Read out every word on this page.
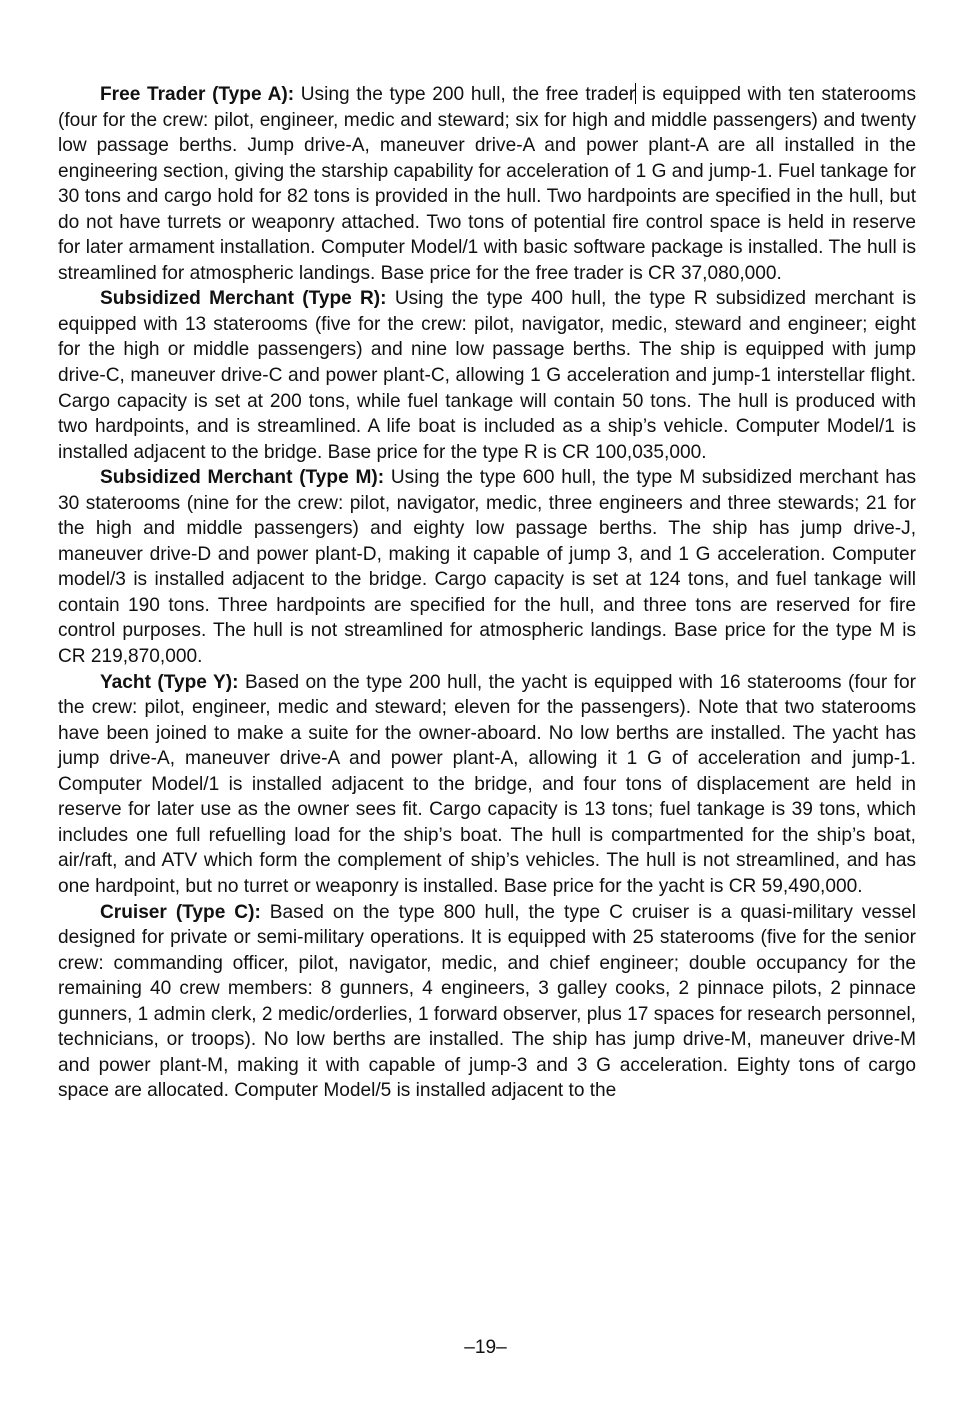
Free Trader (Type A): Using the type 200 hull, the free trader is equipped with ten staterooms (four for the crew: pilot, engineer, medic and steward; six for high and middle passengers) and twenty low passage berths. Jump drive-A, maneuver drive-A and power plant-A are all installed in the engineering section, giving the starship capability for acceleration of 1 G and jump-1. Fuel tankage for 30 tons and cargo hold for 82 tons is provided in the hull. Two hardpoints are specified in the hull, but do not have turrets or weaponry attached. Two tons of potential fire control space is held in reserve for later armament installation. Computer Model/1 with basic software package is installed. The hull is streamlined for atmospheric landings. Base price for the free trader is CR 37,080,000.

Subsidized Merchant (Type R): Using the type 400 hull, the type R subsidized merchant is equipped with 13 staterooms (five for the crew: pilot, navigator, medic, steward and engineer; eight for the high or middle passengers) and nine low passage berths. The ship is equipped with jump drive-C, maneuver drive-C and power plant-C, allowing 1 G acceleration and jump-1 interstellar flight. Cargo capacity is set at 200 tons, while fuel tankage will contain 50 tons. The hull is produced with two hardpoints, and is streamlined. A life boat is included as a ship’s vehicle. Computer Model/1 is installed adjacent to the bridge. Base price for the type R is CR 100,035,000.

Subsidized Merchant (Type M): Using the type 600 hull, the type M subsidized merchant has 30 staterooms (nine for the crew: pilot, navigator, medic, three engineers and three stewards; 21 for the high and middle passengers) and eighty low passage berths. The ship has jump drive-J, maneuver drive-D and power plant-D, making it capable of jump 3, and 1 G acceleration. Computer model/3 is installed adjacent to the bridge. Cargo capacity is set at 124 tons, and fuel tankage will contain 190 tons. Three hardpoints are specified for the hull, and three tons are reserved for fire control purposes. The hull is not streamlined for atmospheric landings. Base price for the type M is CR 219,870,000.

Yacht (Type Y): Based on the type 200 hull, the yacht is equipped with 16 staterooms (four for the crew: pilot, engineer, medic and steward; eleven for the passengers). Note that two staterooms have been joined to make a suite for the owner-aboard. No low berths are installed. The yacht has jump drive-A, maneuver drive-A and power plant-A, allowing it 1 G of acceleration and jump-1. Computer Model/1 is installed adjacent to the bridge, and four tons of displacement are held in reserve for later use as the owner sees fit. Cargo capacity is 13 tons; fuel tankage is 39 tons, which includes one full refuelling load for the ship’s boat. The hull is compartmented for the ship’s boat, air/raft, and ATV which form the complement of ship’s vehicles. The hull is not streamlined, and has one hardpoint, but no turret or weaponry is installed. Base price for the yacht is CR 59,490,000.

Cruiser (Type C): Based on the type 800 hull, the type C cruiser is a quasi-military vessel designed for private or semi-military operations. It is equipped with 25 staterooms (five for the senior crew: commanding officer, pilot, navigator, medic, and chief engineer; double occupancy for the remaining 40 crew members: 8 gunners, 4 engineers, 3 galley cooks, 2 pinnace pilots, 2 pinnace gunners, 1 admin clerk, 2 medic/orderlies, 1 forward observer, plus 17 spaces for research personnel, technicians, or troops). No low berths are installed. The ship has jump drive-M, maneuver drive-M and power plant-M, making it with capable of jump-3 and 3 G acceleration. Eighty tons of cargo space are allocated. Computer Model/5 is installed adjacent to the

–19–
